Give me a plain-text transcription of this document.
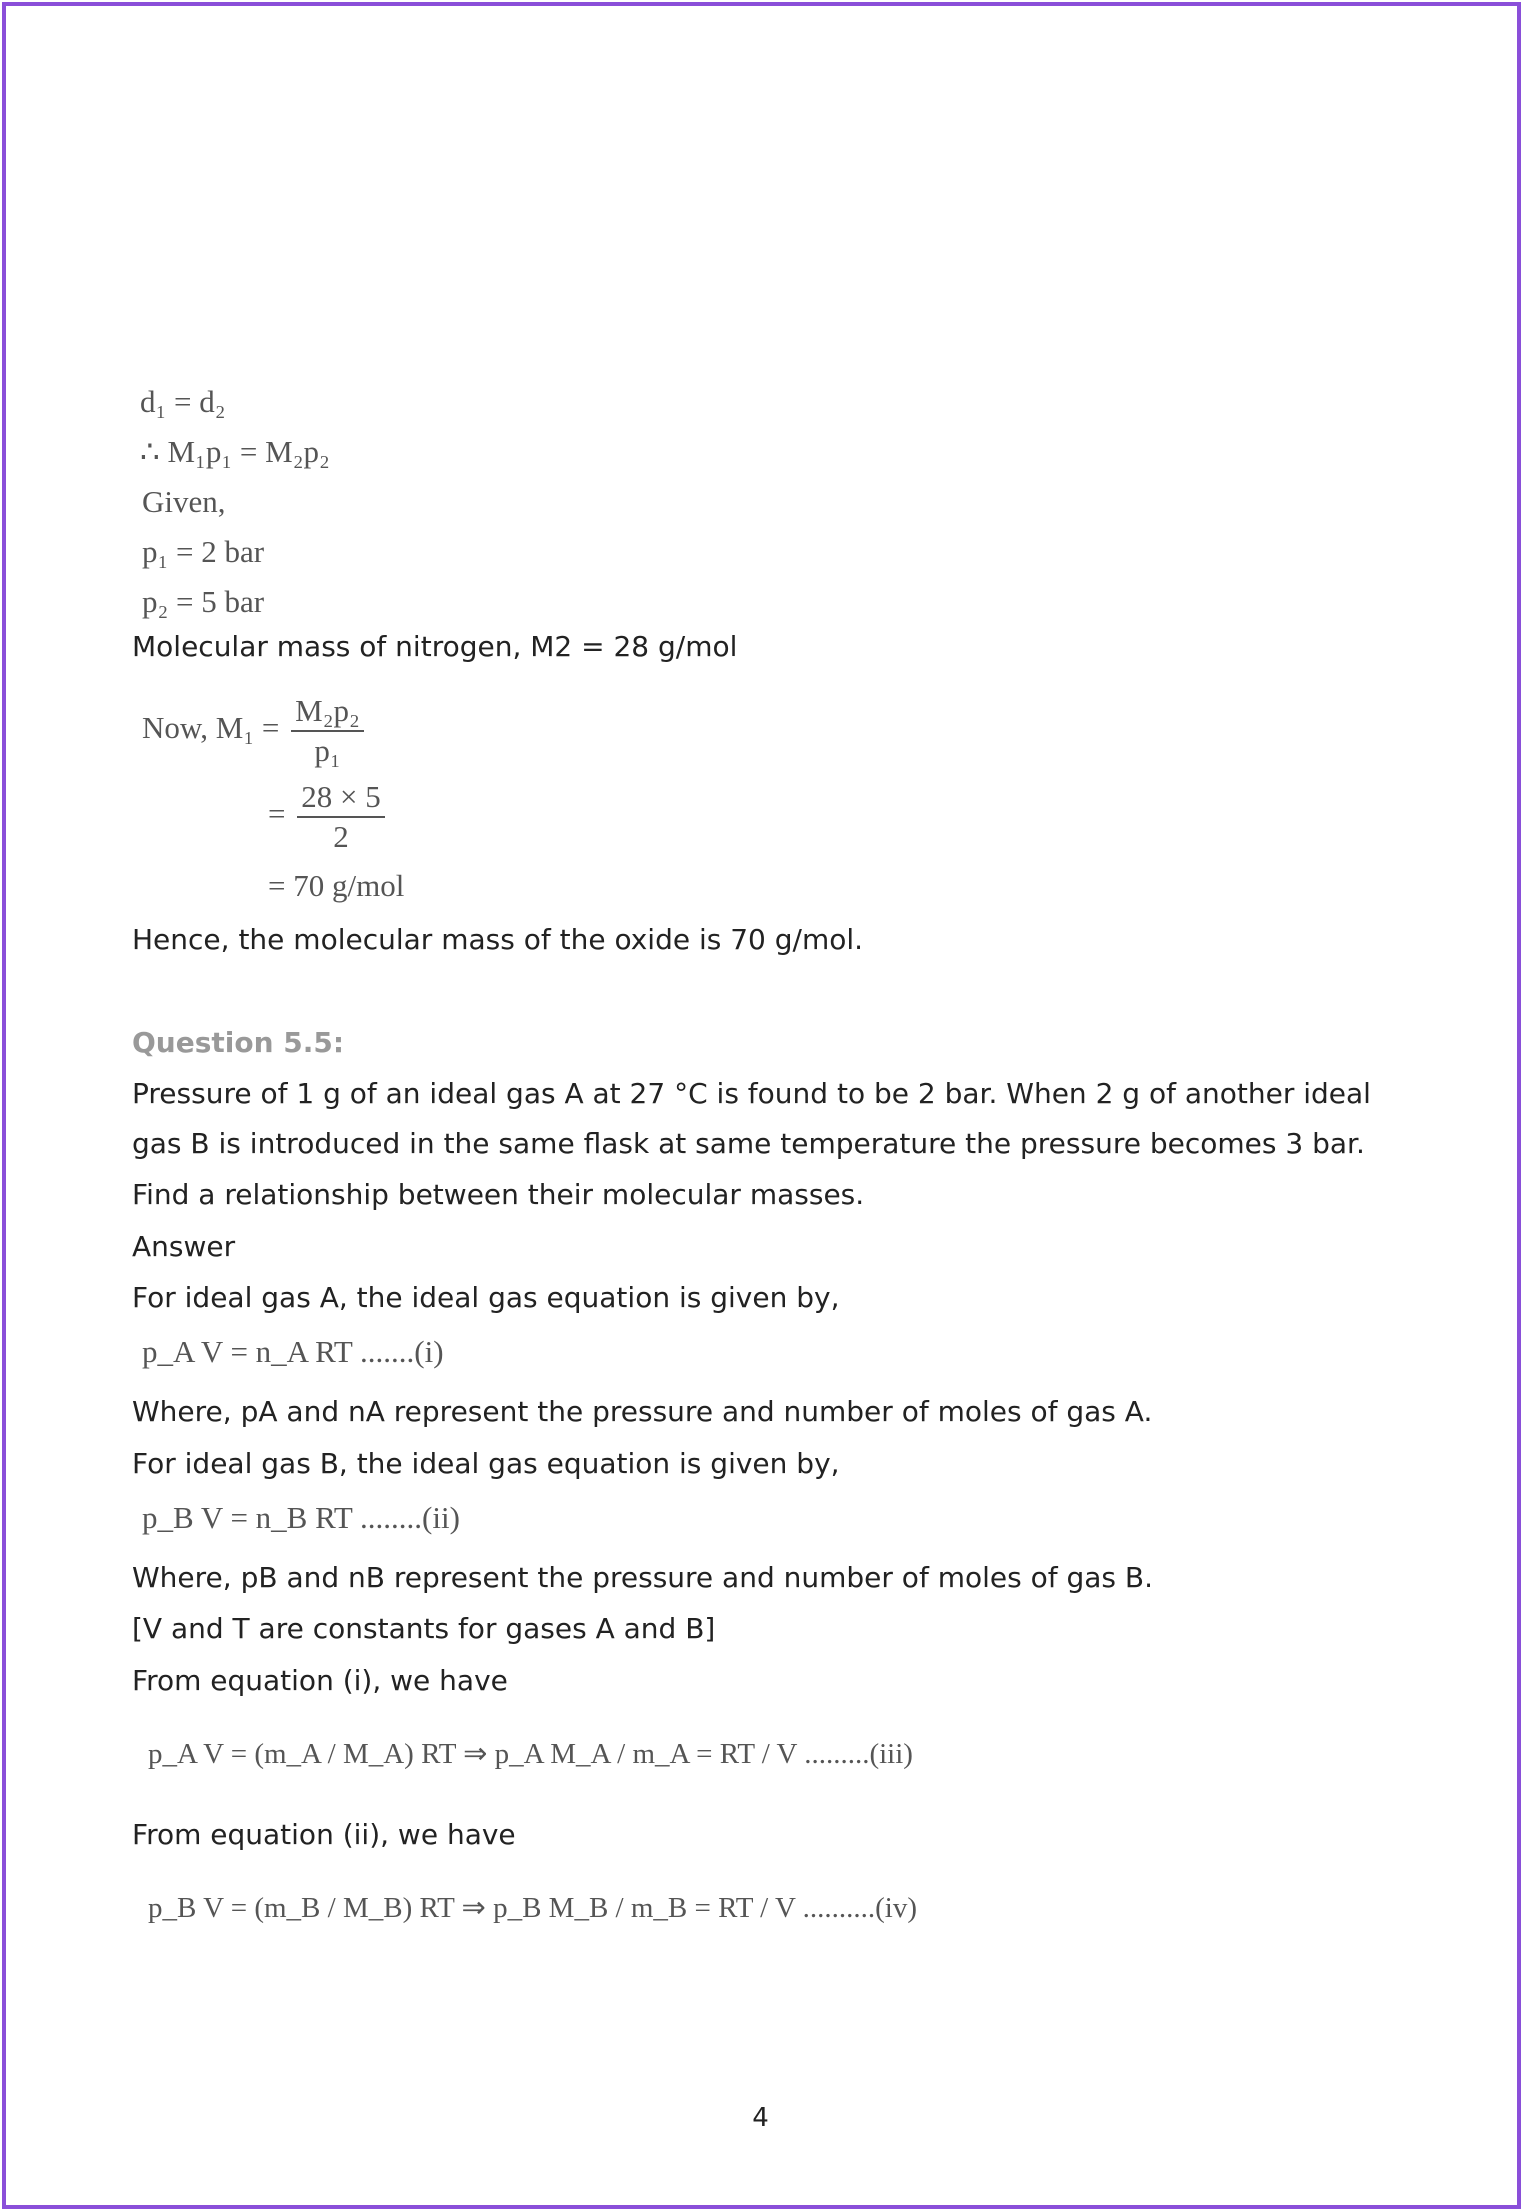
d₁ = d₂
∴ M₁p₁ = M₂p₂
Given,
p₁ = 2 bar
p₂ = 5 bar
Molecular mass of nitrogen, M2 = 28 g/mol
Now, $M_1 = \frac{\text{M₂p₂}}{\text{p₁}}$
= $\frac{28 \times 5}{2}$
= 70 g/mol
Hence, the molecular mass of the oxide is 70 g/mol.
Question 5.5:
Pressure of 1 g of an ideal gas A at 27 °C is found to be 2 bar. When 2 g of another ideal
gas B is introduced in the same flask at same temperature the pressure becomes 3 bar.
Find a relationship between their molecular masses.
Answer
For ideal gas A, the ideal gas equation is given by,
p_A V = n_A RT .......(i)
Where, pA and nA represent the pressure and number of moles of gas A.
For ideal gas B, the ideal gas equation is given by,
p_B V = n_B RT ........(ii)
Where, pB and nB represent the pressure and number of moles of gas B.
[V and T are constants for gases A and B]
From equation (i), we have
p_A V = (m_A / M_A) RT ⇒ p_A M_A / m_A = RT / V .........(iii)
From equation (ii), we have
p_B V = (m_B / M_B) RT ⇒ p_B M_B / m_B = RT / V ..........(iv)
4
